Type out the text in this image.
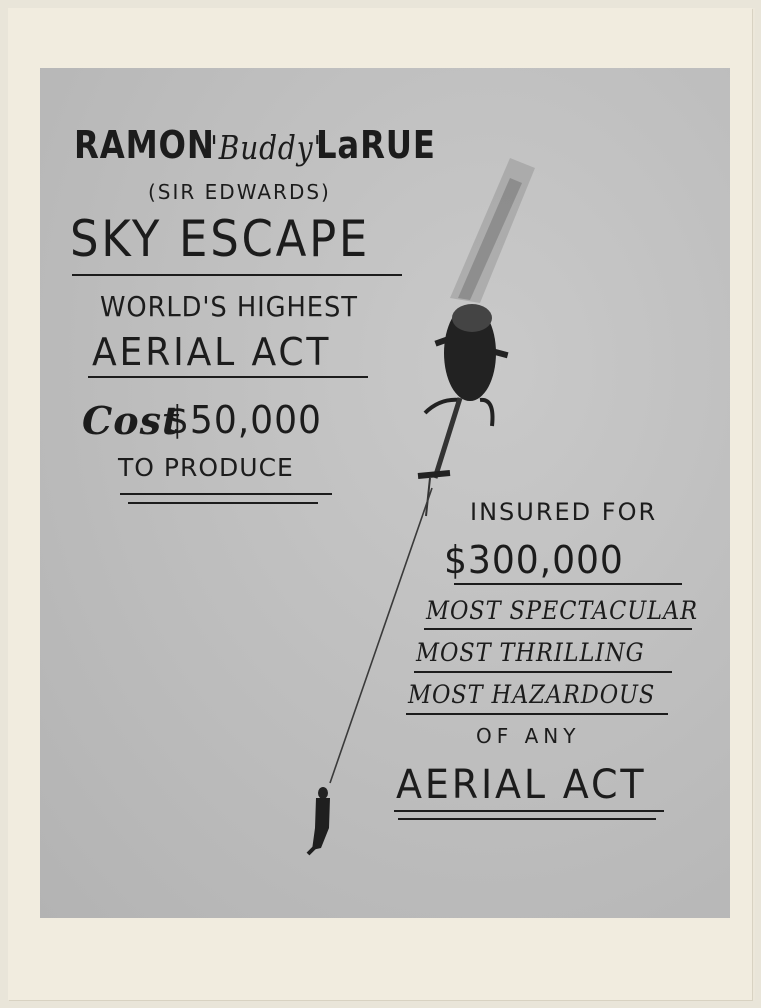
RAMON
"Buddy"
LaRUE
(SIR EDWARDS)
SKY ESCAPE
WORLD'S HIGHEST
AERIAL ACT
Cost
$50,000
TO PRODUCE
INSURED FOR
$300,000
MOST SPECTACULAR
MOST THRILLING
MOST HAZARDOUS
OF ANY
AERIAL ACT
